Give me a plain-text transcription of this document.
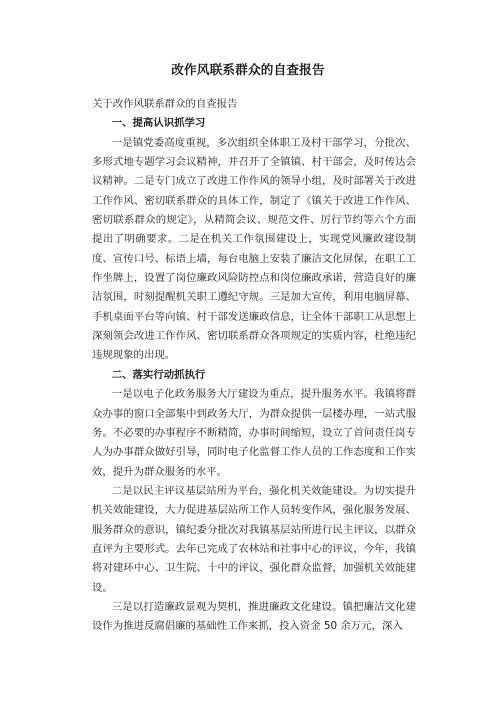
改作风联系群众的自查报告

关于改作风联系群众的自查报告

一、提高认识抓学习

一是镇党委高度重视，多次组织全体职工及村干部学习，分批次、多形式地专题学习会议精神，并召开了全镇镇、村干部会，及时传达会议精神。二是专门成立了改进工作作风的领导小组，及时部署关于改进工作作风、密切联系群众的具体工作，制定了《镇关于改进工作作风、密切联系群众的规定》，从精简会议、规范文件、厉行节约等六个方面提出了明确要求。二是在机关工作氛围建设上，实现党风廉政建设制度、宣传口号、标语上墙，每台电脑上安装了廉洁文化屏保，在职工工作坐牌上，设置了岗位廉政风险防控点和岗位廉政承诺，营造良好的廉洁氛围，时刻提醒机关职工遵纪守规。三是加大宣传，利用电脑屏幕、手机桌面平台等向镇、村干部发送廉政信息，让全体干部职工从思想上深刻领会改进工作作风、密切联系群众各项规定的实质内容，杜绝违纪违规现象的出现。

二、落实行动抓执行

一是以电子化政务服务大厅建设为重点，提升服务水平。我镇将群众办事的窗口全部集中到政务大厅，为群众提供一层楼办理，一站式服务。不必要的办事程序不断精简，办事时间缩短，设立了首问责任岗专人为办事群众做好引导，同时电子化监督工作人员的工作态度和工作实效，提升为群众服务的水平。

二是以民主评议基层站所为平台，强化机关效能建设。为切实提升机关效能建设，大力促进基层站所工作人员转变作风，强化服务发展、服务群众的意识，镇纪委分批次对我镇基层站所进行民主评议，以群众直评为主要形式。去年已完成了农林站和社事中心的评议，今年，我镇将对建环中心、卫生院、十中的评议，强化群众监督，加强机关效能建设。

三是以打造廉政景观为契机，推进廉政文化建设。镇把廉洁文化建设作为推进反腐倡廉的基础性工作来抓，投入资金 50 余万元，深入
